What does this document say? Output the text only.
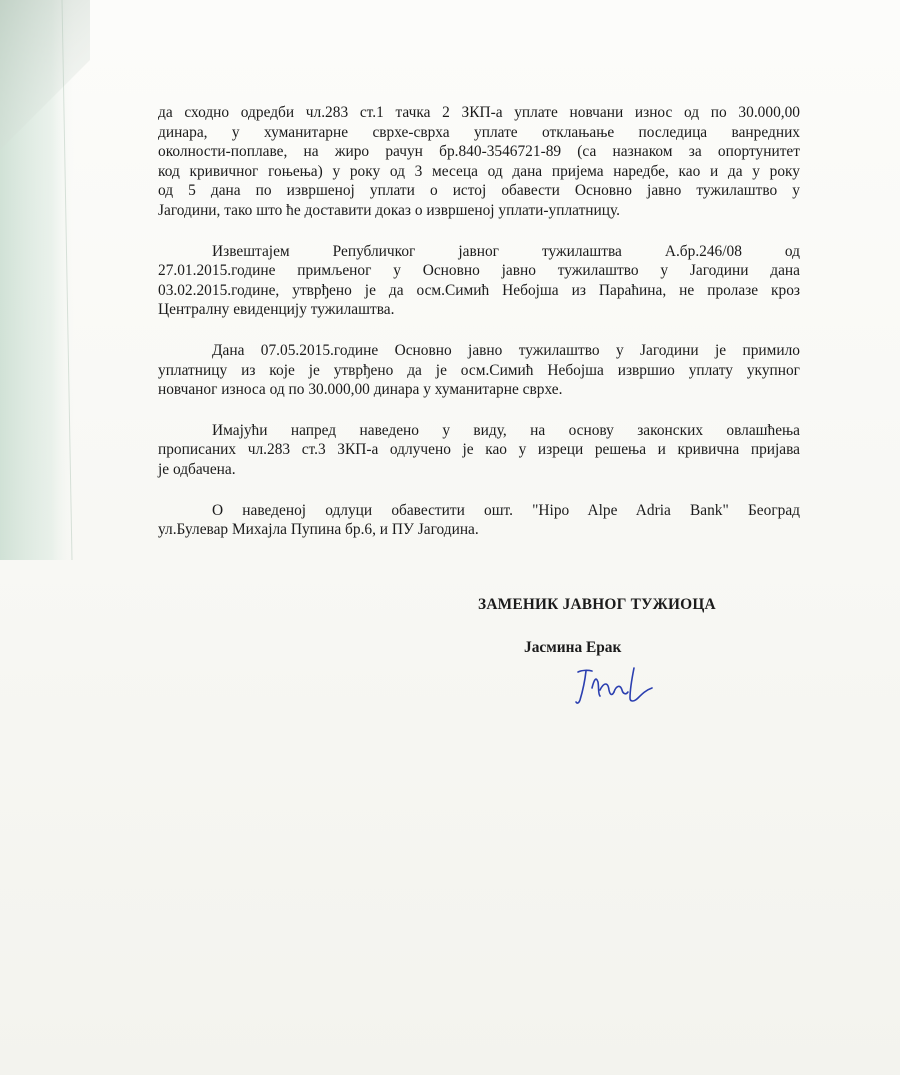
да сходно одредби чл.283 ст.1 тачка 2 ЗКП-а уплате новчани износ од по 30.000,00
динара, у хуманитарне сврхе-сврха уплате отклањање последица ванредних
околности-поплаве, на жиро рачун бр.840-3546721-89 (са назнаком за опортунитет
код кривичног гоњења) у року од 3 месеца од дана пријема наредбе, као и да у року
од 5 дана по извршеној уплати о истој обавести Основно јавно тужилаштво у
Јагодини, тако што ће доставити доказ о извршеној уплати-уплатницу.

Извештајем Републичког јавног тужилаштва А.бр.246/08 од
27.01.2015.године примљеног у Основно јавно тужилаштво у Јагодини дана
03.02.2015.године, утврђено је да осм.Симић Небојша из Параћина, не пролазе кроз
Централну евиденцију тужилаштва.

Дана 07.05.2015.године Основно јавно тужилаштво у Јагодини је примило
уплатницу из које је утврђено да је осм.Симић Небојша извршио уплату укупног
новчаног износа од по 30.000,00 динара у хуманитарне сврхе.

Имајући напред наведено у виду, на основу законских овлашћења
прописаних чл.283 ст.3 ЗКП-а одлучено је као у изреци решења и кривична пријава
је одбачена.

О наведеној одлуци обавестити ошт. "Hipo Alpe Adria Bank" Београд
ул.Булевар Михајла Пупина бр.6, и ПУ Јагодина.

ЗАМЕНИК ЈАВНОГ ТУЖИОЦА
Јасмина Ерак
